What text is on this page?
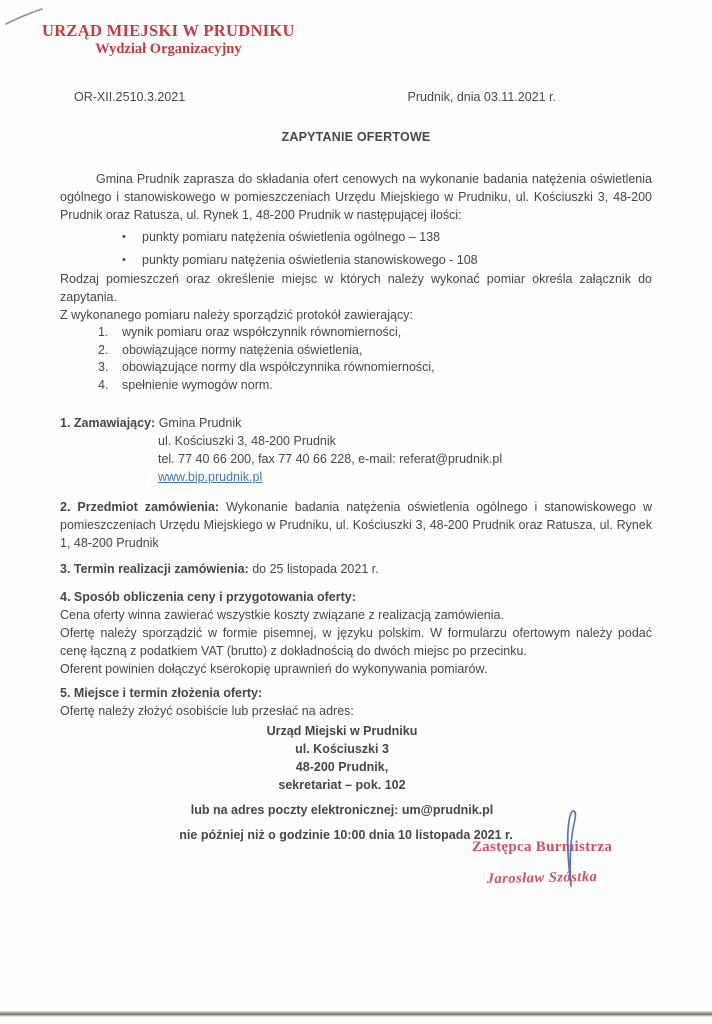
URZĄD MIEJSKI W PRUDNIKU
Wydział Organizacyjny
OR-XII.2510.3.2021	Prudnik, dnia 03.11.2021 r.
ZAPYTANIE OFERTOWE

Gmina Prudnik zaprasza do składania ofert cenowych na wykonanie badania natężenia oświetlenia ogólnego i stanowiskowego w pomieszczeniach Urzędu Miejskiego w Prudniku, ul. Kościuszki 3, 48-200 Prudnik oraz Ratusza, ul. Rynek 1, 48-200 Prudnik w następującej ilości:

•	punkty pomiaru natężenia oświetlenia ogólnego – 138
•	punkty pomiaru natężenia oświetlenia stanowiskowego - 108

Rodzaj pomieszczeń oraz określenie miejsc w których należy wykonać pomiar określa załącznik do zapytania.

Z wykonanego pomiaru należy sporządzić protokół zawierający:

1.	wynik pomiaru oraz współczynnik równomierności,
2.	obowiązujące normy natężenia oświetlenia,
3.	obowiązujące normy dla współczynnika równomierności,
4.	spełnienie wymogów norm.

1. Zamawiający: Gmina Prudnik

ul. Kościuszki 3, 48-200 Prudnik

tel. 77 40 66 200, fax 77 40 66 228, e-mail: referat@prudnik.pl

www.bip.prudnik.pl

2. Przedmiot zamówienia: Wykonanie badania natężenia oświetlenia ogólnego i stanowiskowego w pomieszczeniach Urzędu Miejskiego w Prudniku, ul. Kościuszki 3, 48-200 Prudnik oraz Ratusza, ul. Rynek 1, 48-200 Prudnik

3. Termin realizacji zamówienia: do 25 listopada 2021 r.

4. Sposób obliczenia ceny i przygotowania oferty:

Cena oferty winna zawierać wszystkie koszty związane z realizacją zamówienia.

Ofertę należy sporządzić w formie pisemnej, w języku polskim. W formularzu ofertowym należy podać cenę łączną z podatkiem VAT (brutto) z dokładnością do dwóch miejsc po przecinku.

Oferent powinien dołączyć kserokopię uprawnień do wykonywania pomiarów.

5. Miejsce i termin złożenia oferty:

Ofertę należy złożyć osobiście lub przesłać na adres:

Urząd Miejski w Prudniku
ul. Kościuszki 3
48-200 Prudnik,
sekretariat – pok. 102

lub na adres poczty elektronicznej: um@prudnik.pl

nie później niż o godzinie 10:00 dnia 10 listopada 2021 r.

Zastępca Burmistrza
Jarosław Szóstka
